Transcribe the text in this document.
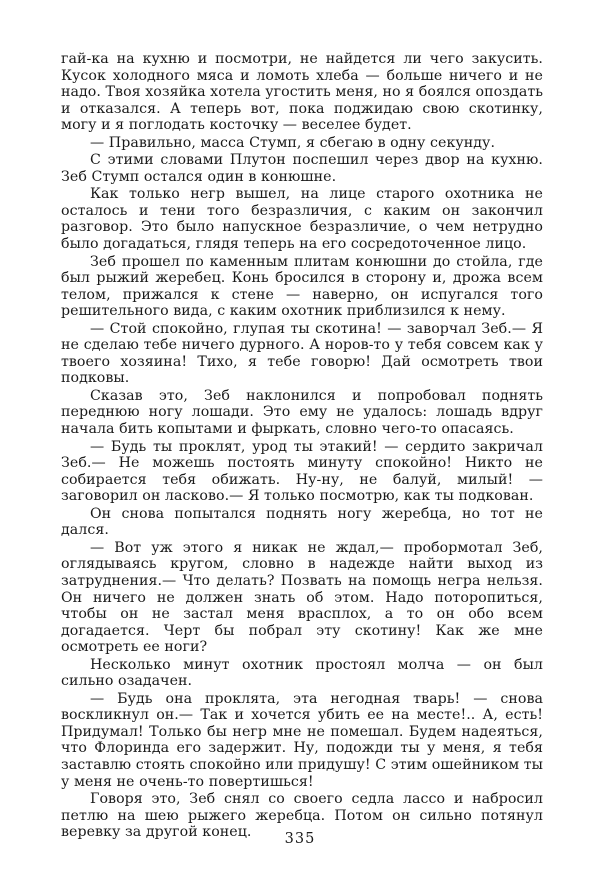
гай-ка на кухню и посмотри, не найдется ли чего закусить. Кусок холодного мяса и ломоть хлеба — больше ничего и не надо. Твоя хозяйка хотела угостить меня, но я боялся опоздать и отказался. А теперь вот, пока поджидаю свою скотинку, могу и я поглодать косточку — веселее будет.

— Правильно, масса Стумп, я сбегаю в одну секунду.

С этими словами Плутон поспешил через двор на кухню. Зеб Стумп остался один в конюшне.

Как только негр вышел, на лице старого охотника не осталось и тени того безразличия, с каким он закончил разговор. Это было напускное безразличие, о чем нетрудно было догадаться, глядя теперь на его сосредоточенное лицо.

Зеб прошел по каменным плитам конюшни до стойла, где был рыжий жеребец. Конь бросился в сторону и, дрожа всем телом, прижался к стене — наверно, он испугался того решительного вида, с каким охотник приблизился к нему.

— Стой спокойно, глупая ты скотина! — заворчал Зеб.— Я не сделаю тебе ничего дурного. А норов-то у тебя совсем как у твоего хозяина! Тихо, я тебе говорю! Дай осмотреть твои подковы.

Сказав это, Зеб наклонился и попробовал поднять переднюю ногу лошади. Это ему не удалось: лошадь вдруг начала бить копытами и фыркать, словно чего-то опасаясь.

— Будь ты проклят, урод ты этакий! — сердито закричал Зеб.— Не можешь постоять минуту спокойно! Никто не собирается тебя обижать. Ну-ну, не балуй, милый! — заговорил он ласково.— Я только посмотрю, как ты подкован.

Он снова попытался поднять ногу жеребца, но тот не дался.

— Вот уж этого я никак не ждал,— пробормотал Зеб, оглядываясь кругом, словно в надежде найти выход из затруднения.— Что делать? Позвать на помощь негра нельзя. Он ничего не должен знать об этом. Надо поторопиться, чтобы он не застал меня врасплох, а то он обо всем догадается. Черт бы побрал эту скотину! Как же мне осмотреть ее ноги?

Несколько минут охотник простоял молча — он был сильно озадачен.

— Будь она проклята, эта негодная тварь! — снова воскликнул он.— Так и хочется убить ее на месте!.. А, есть! Придумал! Только бы негр мне не помешал. Будем надеяться, что Флоринда его задержит. Ну, подожди ты у меня, я тебя заставлю стоять спокойно или придушу! С этим ошейником ты у меня не очень-то повертишься!

Говоря это, Зеб снял со своего седла лассо и набросил петлю на шею рыжего жеребца. Потом он сильно потянул веревку за другой конец.	335
